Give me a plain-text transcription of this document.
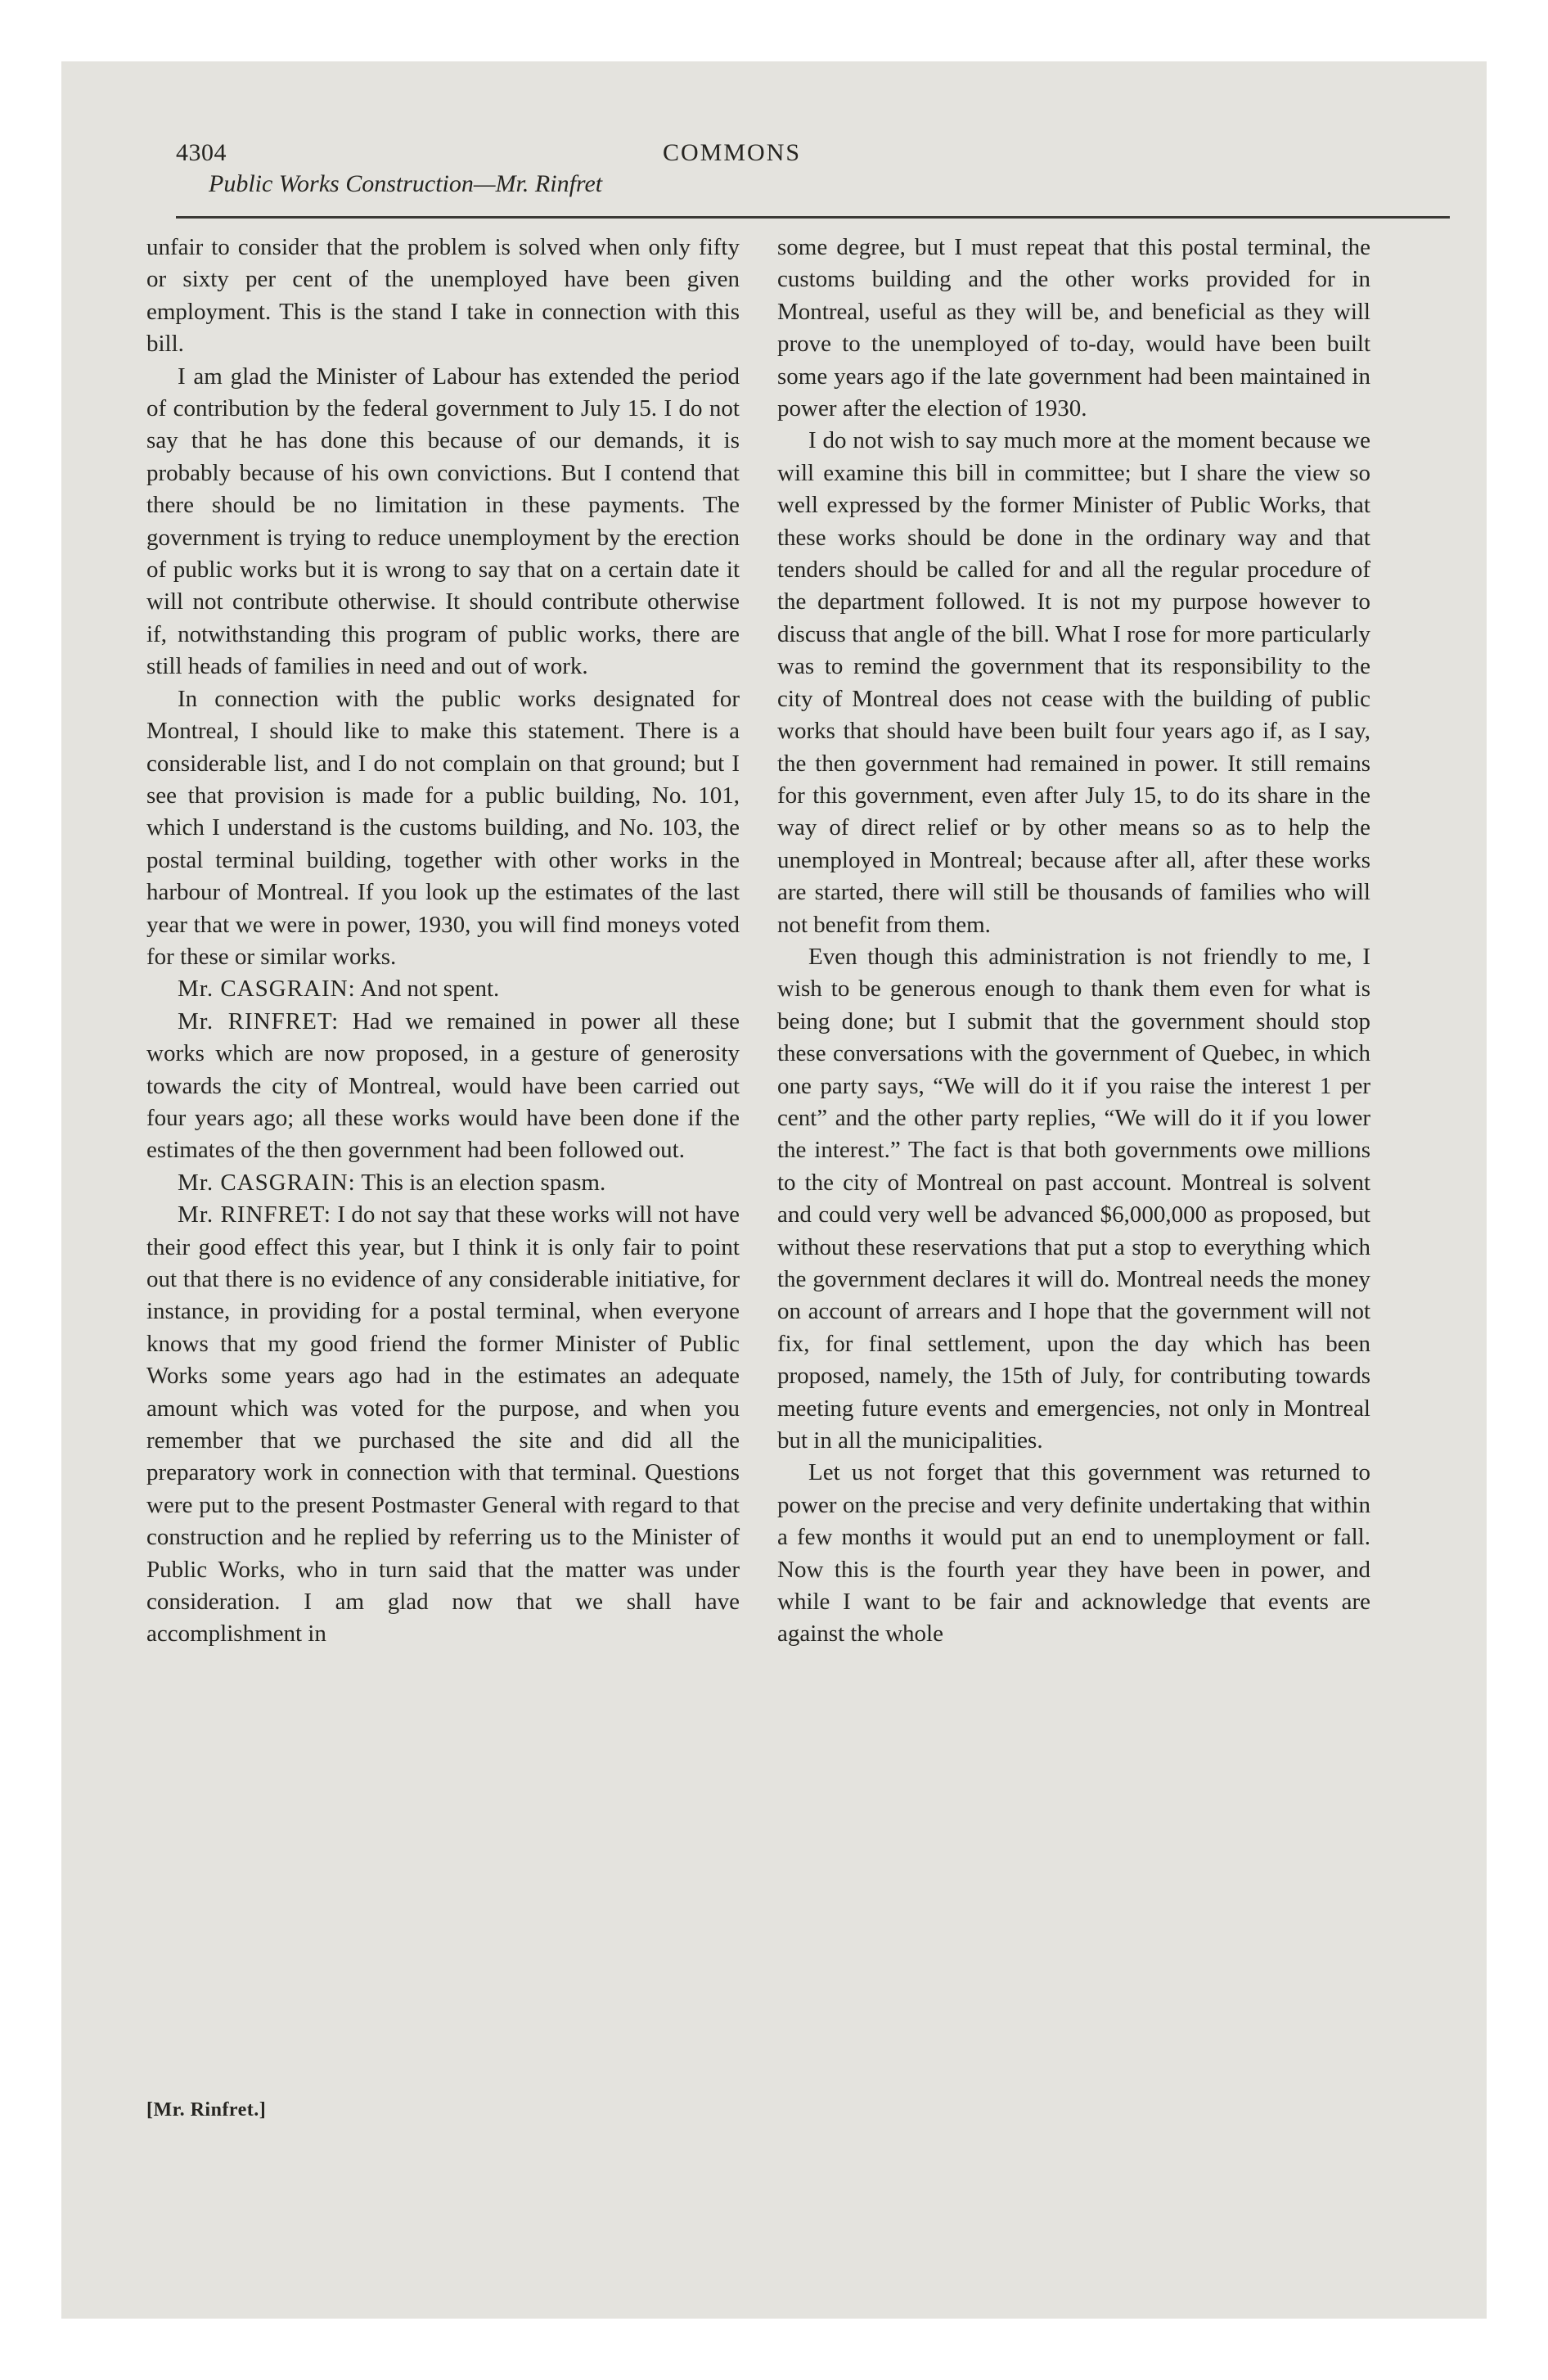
4304	COMMONS
Public Works Construction—Mr. Rinfret

unfair to consider that the problem is solved when only fifty or sixty per cent of the unemployed have been given employment. This is the stand I take in connection with this bill.

I am glad the Minister of Labour has extended the period of contribution by the federal government to July 15. I do not say that he has done this because of our demands, it is probably because of his own convictions. But I contend that there should be no limitation in these payments. The government is trying to reduce unemployment by the erection of public works but it is wrong to say that on a certain date it will not contribute otherwise. It should contribute otherwise if, notwithstanding this program of public works, there are still heads of families in need and out of work.

In connection with the public works designated for Montreal, I should like to make this statement. There is a considerable list, and I do not complain on that ground; but I see that provision is made for a public building, No. 101, which I understand is the customs building, and No. 103, the postal terminal building, together with other works in the harbour of Montreal. If you look up the estimates of the last year that we were in power, 1930, you will find moneys voted for these or similar works.

Mr. CASGRAIN: And not spent.

Mr. RINFRET: Had we remained in power all these works which are now proposed, in a gesture of generosity towards the city of Montreal, would have been carried out four years ago; all these works would have been done if the estimates of the then government had been followed out.

Mr. CASGRAIN: This is an election spasm.

Mr. RINFRET: I do not say that these works will not have their good effect this year, but I think it is only fair to point out that there is no evidence of any considerable initiative, for instance, in providing for a postal terminal, when everyone knows that my good friend the former Minister of Public Works some years ago had in the estimates an adequate amount which was voted for the purpose, and when you remember that we purchased the site and did all the preparatory work in connection with that terminal. Questions were put to the present Postmaster General with regard to that construction and he replied by referring us to the Minister of Public Works, who in turn said that the matter was under consideration. I am glad now that we shall have accomplishment in

some degree, but I must repeat that this postal terminal, the customs building and the other works provided for in Montreal, useful as they will be, and beneficial as they will prove to the unemployed of to-day, would have been built some years ago if the late government had been maintained in power after the election of 1930.

I do not wish to say much more at the moment because we will examine this bill in committee; but I share the view so well expressed by the former Minister of Public Works, that these works should be done in the ordinary way and that tenders should be called for and all the regular procedure of the department followed. It is not my purpose however to discuss that angle of the bill. What I rose for more particularly was to remind the government that its responsibility to the city of Montreal does not cease with the building of public works that should have been built four years ago if, as I say, the then government had remained in power. It still remains for this government, even after July 15, to do its share in the way of direct relief or by other means so as to help the unemployed in Montreal; because after all, after these works are started, there will still be thousands of families who will not benefit from them.

Even though this administration is not friendly to me, I wish to be generous enough to thank them even for what is being done; but I submit that the government should stop these conversations with the government of Quebec, in which one party says, “We will do it if you raise the interest 1 per cent” and the other party replies, “We will do it if you lower the interest.” The fact is that both governments owe millions to the city of Montreal on past account. Montreal is solvent and could very well be advanced $6,000,000 as proposed, but without these reservations that put a stop to everything which the government declares it will do. Montreal needs the money on account of arrears and I hope that the government will not fix, for final settlement, upon the day which has been proposed, namely, the 15th of July, for contributing towards meeting future events and emergencies, not only in Montreal but in all the municipalities.

Let us not forget that this government was returned to power on the precise and very definite undertaking that within a few months it would put an end to unemployment or fall. Now this is the fourth year they have been in power, and while I want to be fair and acknowledge that events are against the whole

[Mr. Rinfret.]
